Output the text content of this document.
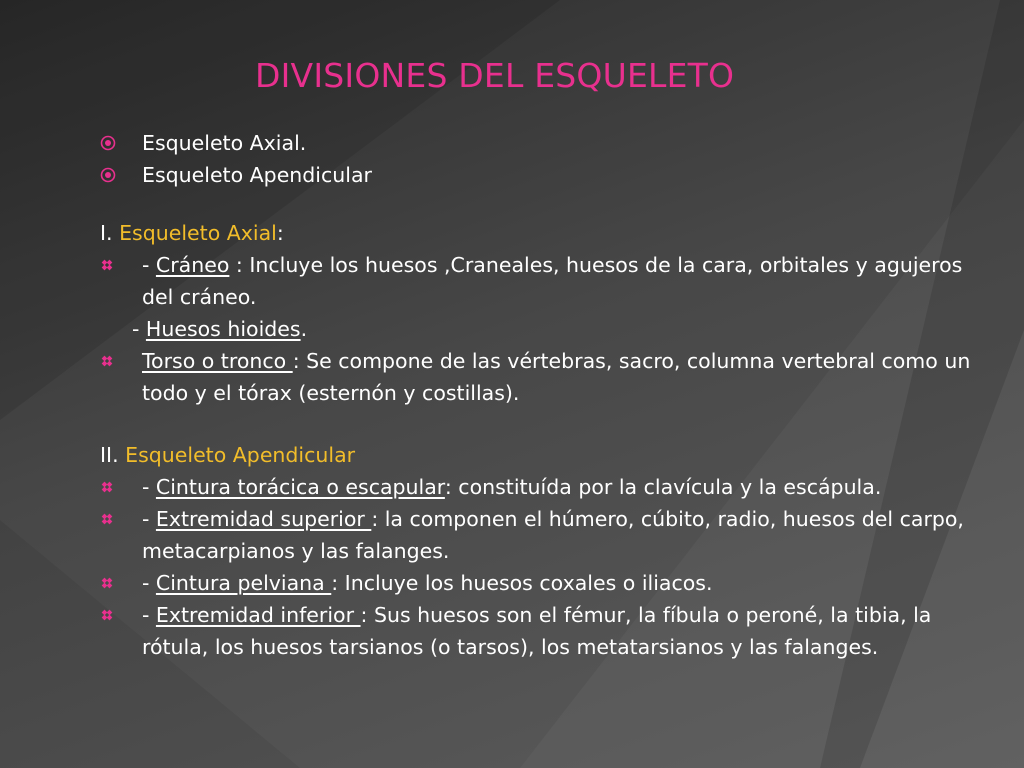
DIVISIONES DEL ESQUELETO
Esqueleto Axial.
Esqueleto Apendicular
I. Esqueleto Axial:
- Cráneo : Incluye los huesos ,Craneales, huesos de la cara, orbitales y agujeros del cráneo.
- Huesos hioides.
Torso o tronco : Se compone de las vértebras, sacro, columna vertebral como un todo y el tórax (esternón y costillas).
II. Esqueleto Apendicular
- Cintura torácica o escapular: constituída por la clavícula y la escápula.
- Extremidad superior : la componen el húmero, cúbito, radio, huesos del carpo, metacarpianos y las falanges.
- Cintura pelviana : Incluye los huesos coxales o iliacos.
- Extremidad inferior : Sus huesos son el fémur, la fíbula o peroné, la tibia, la rótula, los huesos tarsianos (o tarsos), los metatarsianos y las falanges.
